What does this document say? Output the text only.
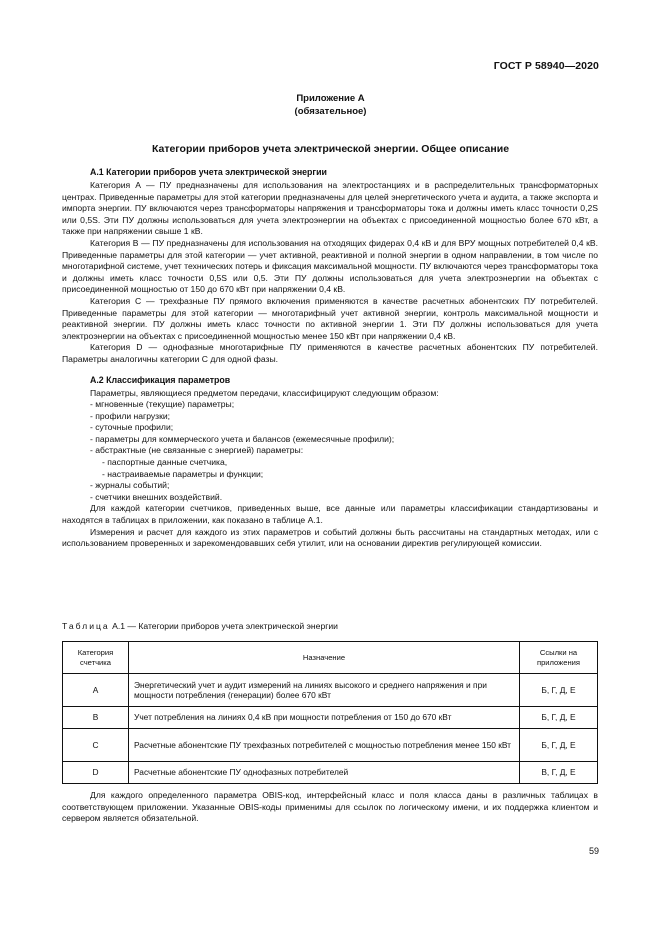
ГОСТ Р 58940—2020
Приложение А
(обязательное)
Категории приборов учета электрической энергии. Общее описание
А.1 Категории приборов учета электрической энергии

Категория А — ПУ предназначены для использования на электростанциях и в распределительных трансформаторных центрах. Приведенные параметры для этой категории предназначены для целей энергетического учета и аудита, а также экспорта и импорта энергии. ПУ включаются через трансформаторы напряжения и трансформаторы тока и должны иметь класс точности 0,2S или 0,5S. Эти ПУ должны использоваться для учета электроэнергии на объектах с присоединенной мощностью более 670 кВт, а также при напряжении свыше 1 кВ.

Категория B — ПУ предназначены для использования на отходящих фидерах 0,4 кВ и для ВРУ мощных потребителей 0,4 кВ. Приведенные параметры для этой категории — учет активной, реактивной и полной энергии в одном направлении, в том числе по многотарифной системе, учет технических потерь и фиксация максимальной мощности. ПУ включаются через трансформаторы тока и должны иметь класс точности 0,5S или 0,5. Эти ПУ должны использоваться для учета электроэнергии на объектах с присоединенной мощностью от 150 до 670 кВт при напряжении 0,4 кВ.

Категория С — трехфазные ПУ прямого включения применяются в качестве расчетных абонентских ПУ потребителей. Приведенные параметры для этой категории — многотарифный учет активной энергии, контроль максимальной мощности и реактивной энергии. ПУ должны иметь класс точности по активной энергии 1. Эти ПУ должны использоваться для учета электроэнергии на объектах с присоединенной мощностью менее 150 кВт при напряжении 0,4 кВ.

Категория D — однофазные многотарифные ПУ применяются в качестве расчетных абонентских ПУ потребителей. Параметры аналогичны категории С для одной фазы.

А.2 Классификация параметров

Параметры, являющиеся предметом передачи, классифицируют следующим образом:

- мгновенные (текущие) параметры;
- профили нагрузки;
- суточные профили;
- параметры для коммерческого учета и балансов (ежемесячные профили);
- абстрактные (не связанные с энергией) параметры:
- паспортные данные счетчика,
- настраиваемые параметры и функции;
- журналы событий;
- счетчики внешних воздействий.

Для каждой категории счетчиков, приведенных выше, все данные или параметры классификации стандартизованы и находятся в таблицах в приложении, как показано в таблице А.1.

Измерения и расчет для каждого из этих параметров и событий должны быть рассчитаны на стандартных методах, или с использованием проверенных и зарекомендовавших себя утилит, или на основании директив регулирующей комиссии.

Таблица А.1 — Категории приборов учета электрической энергии
Категория счетчика	Назначение	Ссылки на приложения
А	Энергетический учет и аудит измерений на линиях высокого и среднего напряжения и при мощности потребления (генерации) более 670 кВт	Б, Г, Д, Е
B	Учет потребления на линиях 0,4 кВ при мощности потребления от 150 до 670 кВт	Б, Г, Д, Е
С	Расчетные абонентские ПУ трехфазных потребителей с мощностью потребления менее 150 кВт	Б, Г, Д, Е
D	Расчетные абонентские ПУ однофазных потребителей	В, Г, Д, Е

Для каждого определенного параметра OBIS-код, интерфейсный класс и поля класса даны в различных таблицах в соответствующем приложении. Указанные OBIS-коды применимы для ссылок по логическому имени, и их поддержка клиентом и сервером является обязательной.

59
